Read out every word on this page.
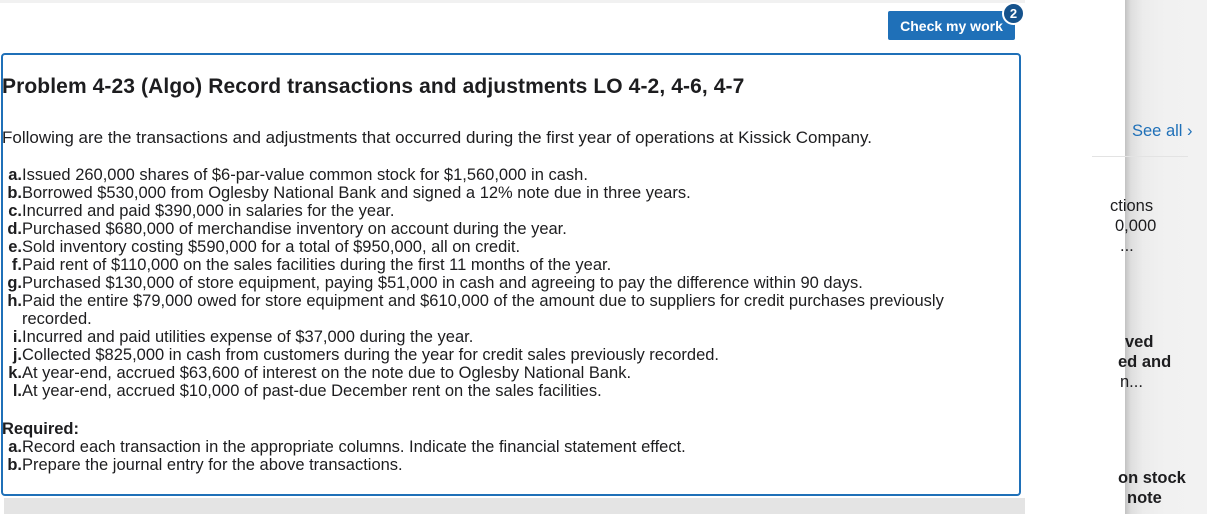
Check my work
2
Problem 4-23 (Algo) Record transactions and adjustments LO 4-2, 4-6, 4-7

Following are the transactions and adjustments that occurred during the first year of operations at Kissick Company.

a. Issued 260,000 shares of $6-par-value common stock for $1,560,000 in cash.
b. Borrowed $530,000 from Oglesby National Bank and signed a 12% note due in three years.
c. Incurred and paid $390,000 in salaries for the year.
d. Purchased $680,000 of merchandise inventory on account during the year.
e. Sold inventory costing $590,000 for a total of $950,000, all on credit.
f. Paid rent of $110,000 on the sales facilities during the first 11 months of the year.
g. Purchased $130,000 of store equipment, paying $51,000 in cash and agreeing to pay the difference within 90 days.
h. Paid the entire $79,000 owed for store equipment and $610,000 of the amount due to suppliers for credit purchases previously recorded.
i. Incurred and paid utilities expense of $37,000 during the year.
j. Collected $825,000 in cash from customers during the year for credit sales previously recorded.
k. At year-end, accrued $63,600 of interest on the note due to Oglesby National Bank.
l. At year-end, accrued $10,000 of past-due December rent on the sales facilities.

Required:

a. Record each transaction in the appropriate columns. Indicate the financial statement effect.
b. Prepare the journal entry for the above transactions.
See all ›
ctions
0,000
...
ved
ed and
n...
on stock
note
